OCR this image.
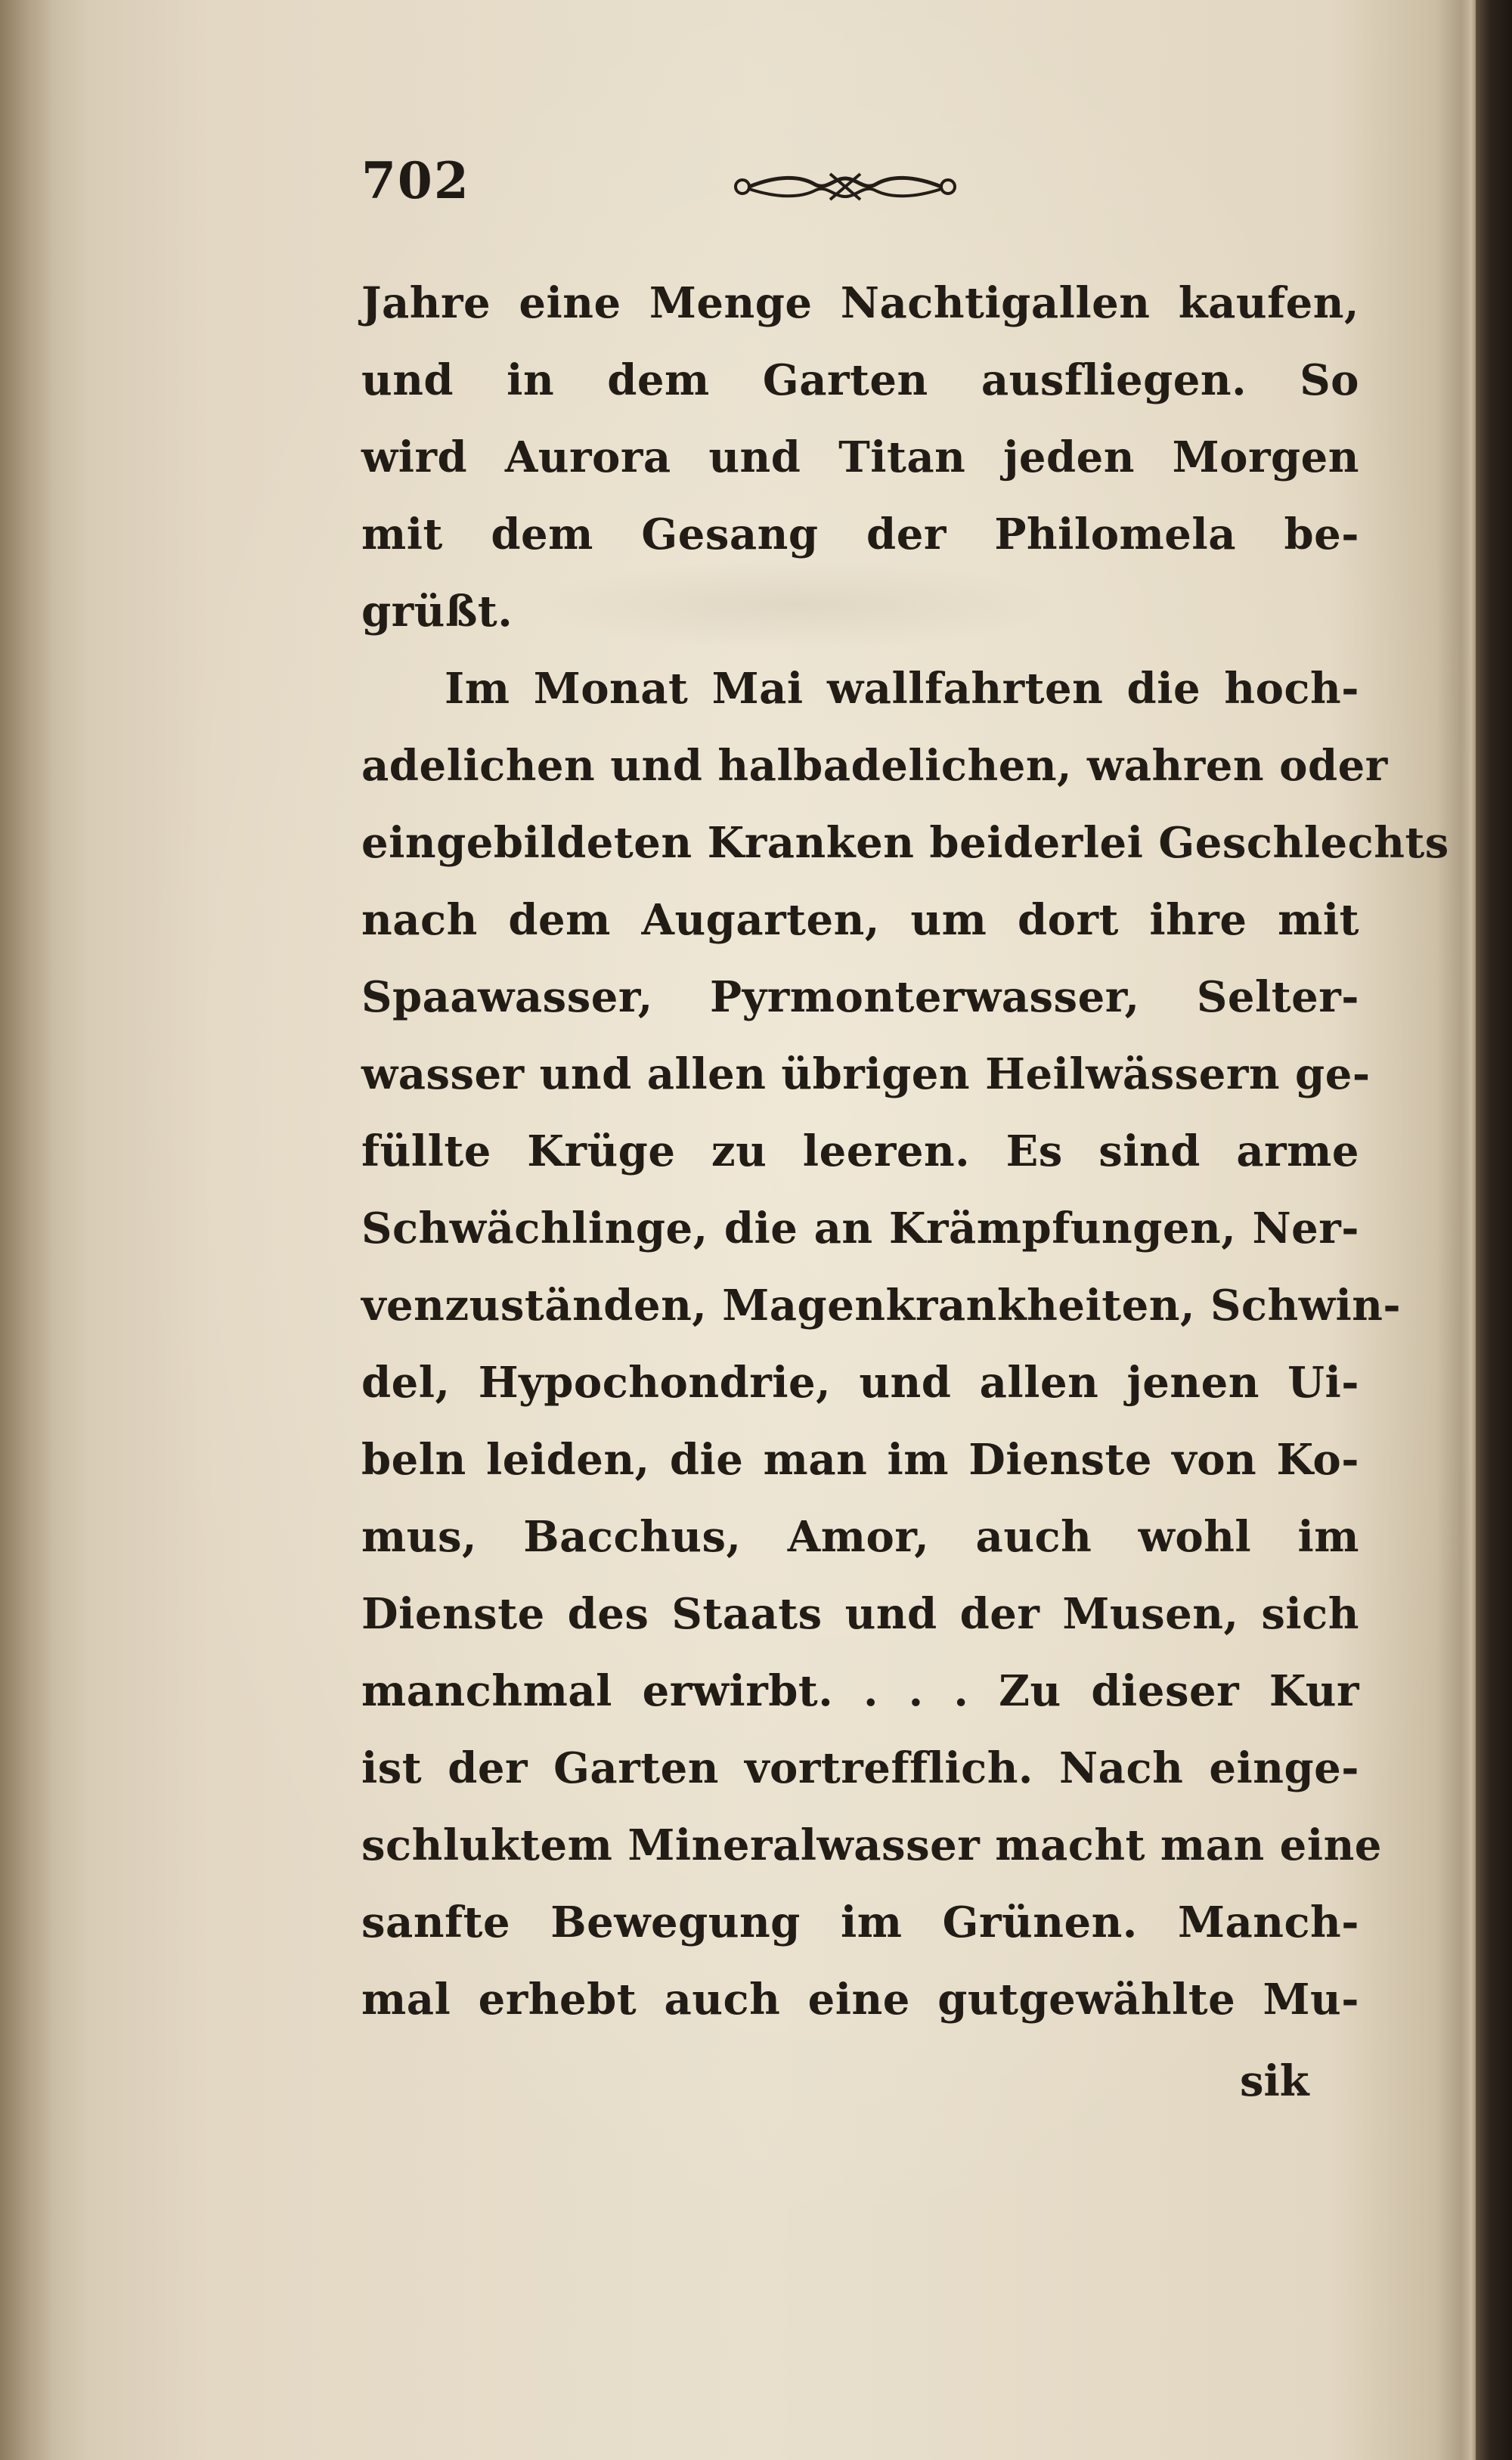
702
Jahre eine Menge Nachtigallen kaufen,
und in dem Garten ausfliegen. So
wird Aurora und Titan jeden Morgen
mit dem Gesang der Philomela be-
grüßt.
Im Monat Mai wallfahrten die hoch-
adelichen und halbadelichen, wahren oder
eingebildeten Kranken beiderlei Geschlechts
nach dem Augarten, um dort ihre mit
Spaawasser, Pyrmonterwasser, Selter-
wasser und allen übrigen Heilwässern ge-
füllte Krüge zu leeren. Es sind arme
Schwächlinge, die an Krämpfungen, Ner-
venzuständen, Magenkrankheiten, Schwin-
del, Hypochondrie, und allen jenen Ui-
beln leiden, die man im Dienste von Ko-
mus, Bacchus, Amor, auch wohl im
Dienste des Staats und der Musen, sich
manchmal erwirbt. . . . Zu dieser Kur
ist der Garten vortrefflich. Nach einge-
schluktem Mineralwasser macht man eine
sanfte Bewegung im Grünen. Manch-
mal erhebt auch eine gutgewählte Mu-
sik
